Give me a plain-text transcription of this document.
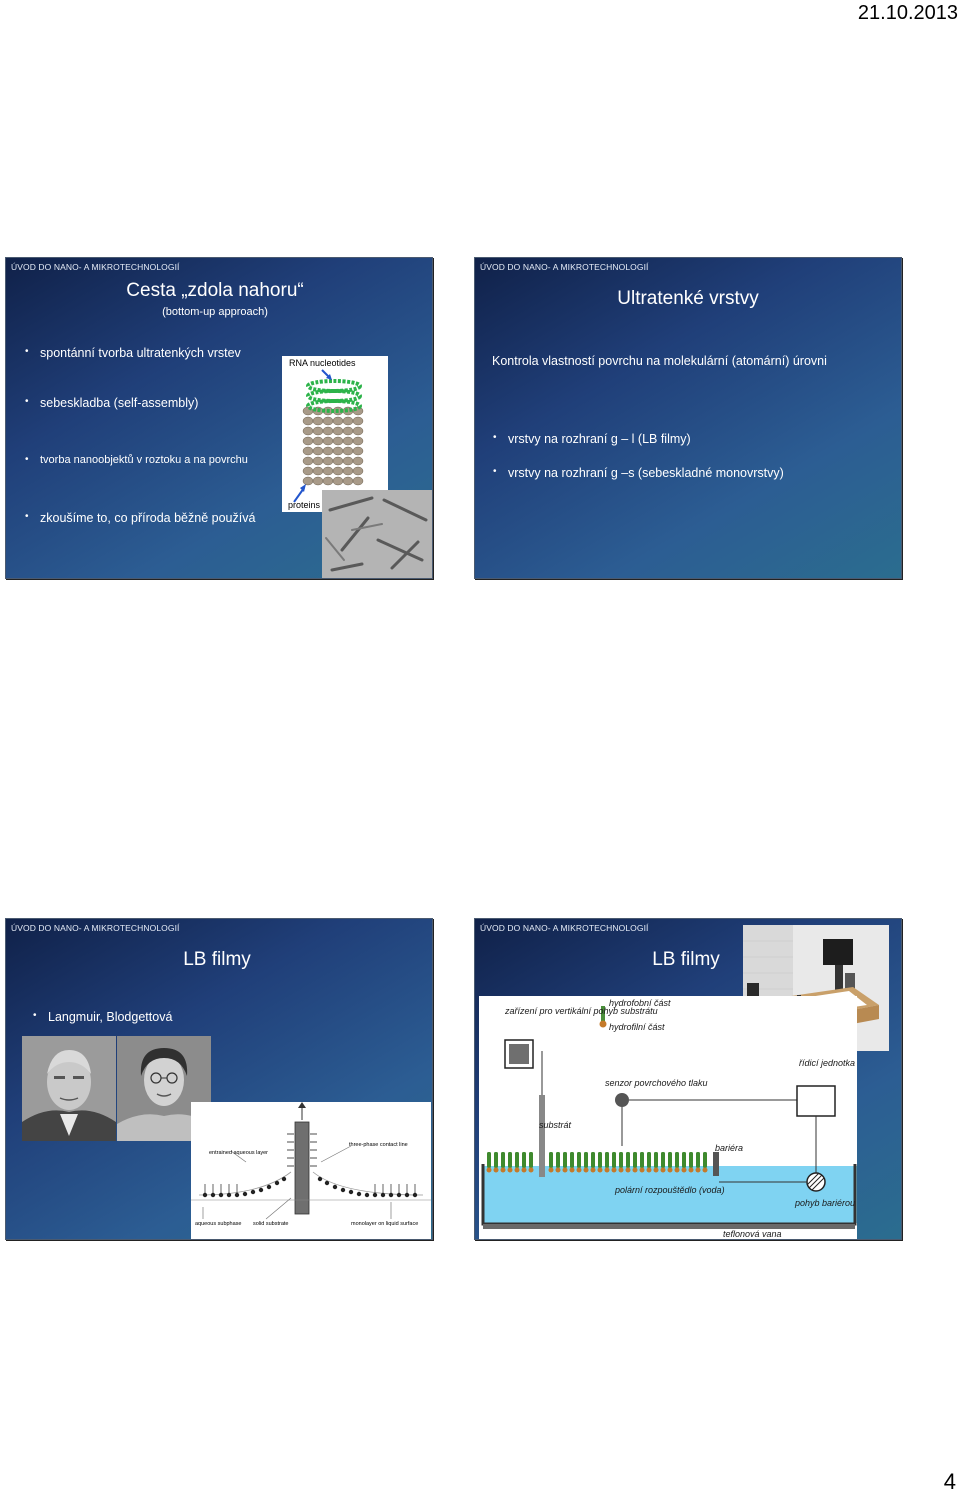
21.10.2013
ÚVOD DO NANO- A MIKROTECHNOLOGIÍ
Cesta „zdola nahoru“
(bottom-up approach)
• spontánní tvorba ultratenkých vrstev
• sebeskladba (self-assembly)
• tvorba nanoobjektů v roztoku a na povrchu
• zkoušíme to, co příroda běžně používá
RNA nucleotides
proteins
ÚVOD DO NANO- A MIKROTECHNOLOGIÍ
Ultratenké vrstvy
Kontrola vlastností povrchu na molekulární (atomární) úrovni
• vrstvy na rozhraní g – l (LB filmy)
• vrstvy na rozhraní g –s (sebeskladné monovrstvy)
ÚVOD DO NANO- A MIKROTECHNOLOGIÍ
LB filmy
• Langmuir, Blodgettová
entrained aqueous layer
three-phase contact line
aqueous subphase solid substrate	monolayer on liquid surface
ÚVOD DO NANO- A MIKROTECHNOLOGIÍ
LB filmy
zařízení pro vertikální pohyb substrátu
hydrofobní část
hydrofilní část
senzor povrchového tlaku
řídicí jednotka
substrát
bariéra
polární rozpouštědlo (voda)
pohyb bariérou
teflonová vana
4
